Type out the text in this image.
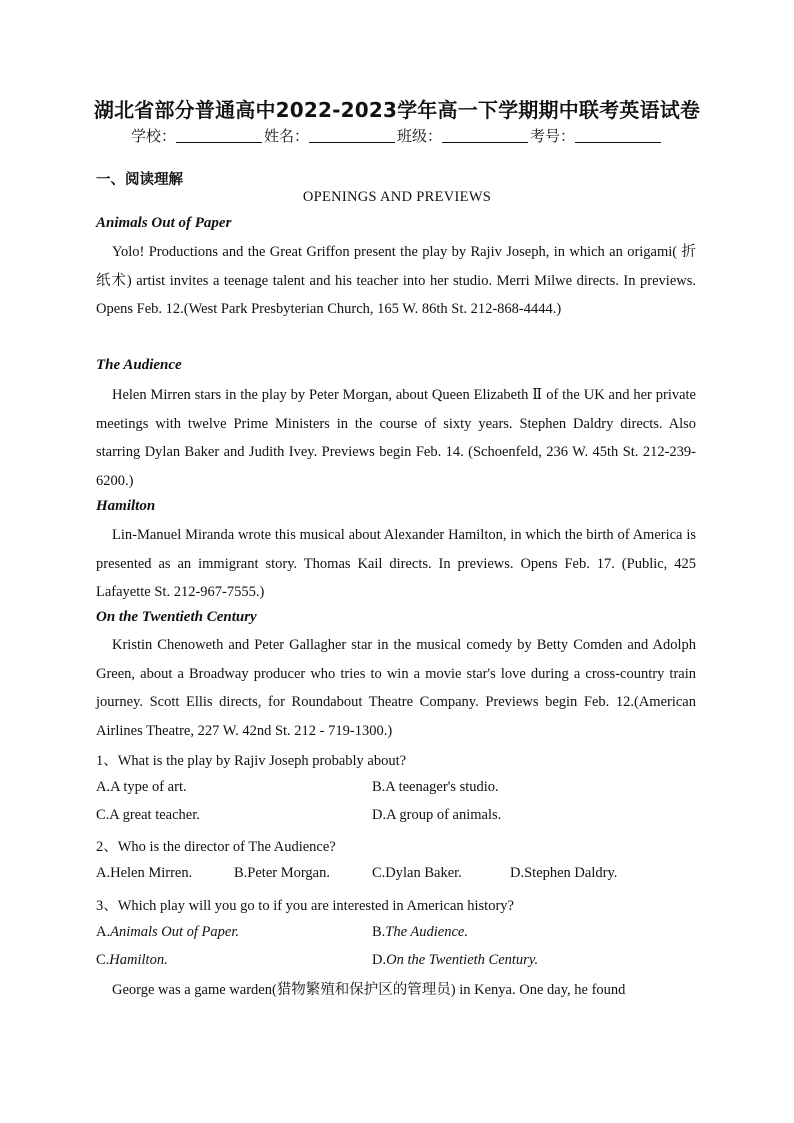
湖北省部分普通高中2022-2023学年高一下学期期中联考英语试卷
学校：	姓名：	班级：	考号：
一、阅读理解
OPENINGS AND PREVIEWS
Animals Out of Paper

Yolo! Productions and the Great Griffon present the play by Rajiv Joseph, in which an origami( 折纸术) artist invites a teenage talent and his teacher into her studio. Merri Milwe directs. In previews. Opens Feb. 12.(West Park Presbyterian Church, 165 W. 86th St. 212-868-4444.)

The Audience

Helen Mirren stars in the play by Peter Morgan, about Queen Elizabeth Ⅱ of the UK and her private meetings with twelve Prime Ministers in the course of sixty years. Stephen Daldry directs. Also starring Dylan Baker and Judith Ivey. Previews begin Feb. 14. (Schoenfeld, 236 W. 45th St. 212-239-6200.)

Hamilton

Lin-Manuel Miranda wrote this musical about Alexander Hamilton, in which the birth of America is presented as an immigrant story. Thomas Kail directs. In previews. Opens Feb. 17. (Public, 425 Lafayette St. 212-967-7555.)

On the Twentieth Century

Kristin Chenoweth and Peter Gallagher star in the musical comedy by Betty Comden and Adolph Green, about a Broadway producer who tries to win a movie star's love during a cross-country train journey. Scott Ellis directs, for Roundabout Theatre Company. Previews begin Feb. 12.(American Airlines Theatre, 227 W. 42nd St. 212 - 719-1300.)

1、What is the play by Rajiv Joseph probably about?
A.A type of art.	B.A teenager's studio.
C.A great teacher.	D.A group of animals.
2、Who is the director of The Audience?
A.Helen Mirren.	B.Peter Morgan.	C.Dylan Baker.	D.Stephen Daldry.
3、Which play will you go to if you are interested in American history?
A.Animals Out of Paper.	B.The Audience.
C.Hamilton.	D.On the Twentieth Century.

George was a game warden(猎物繁殖和保护区的管理员) in Kenya. One day, he found
